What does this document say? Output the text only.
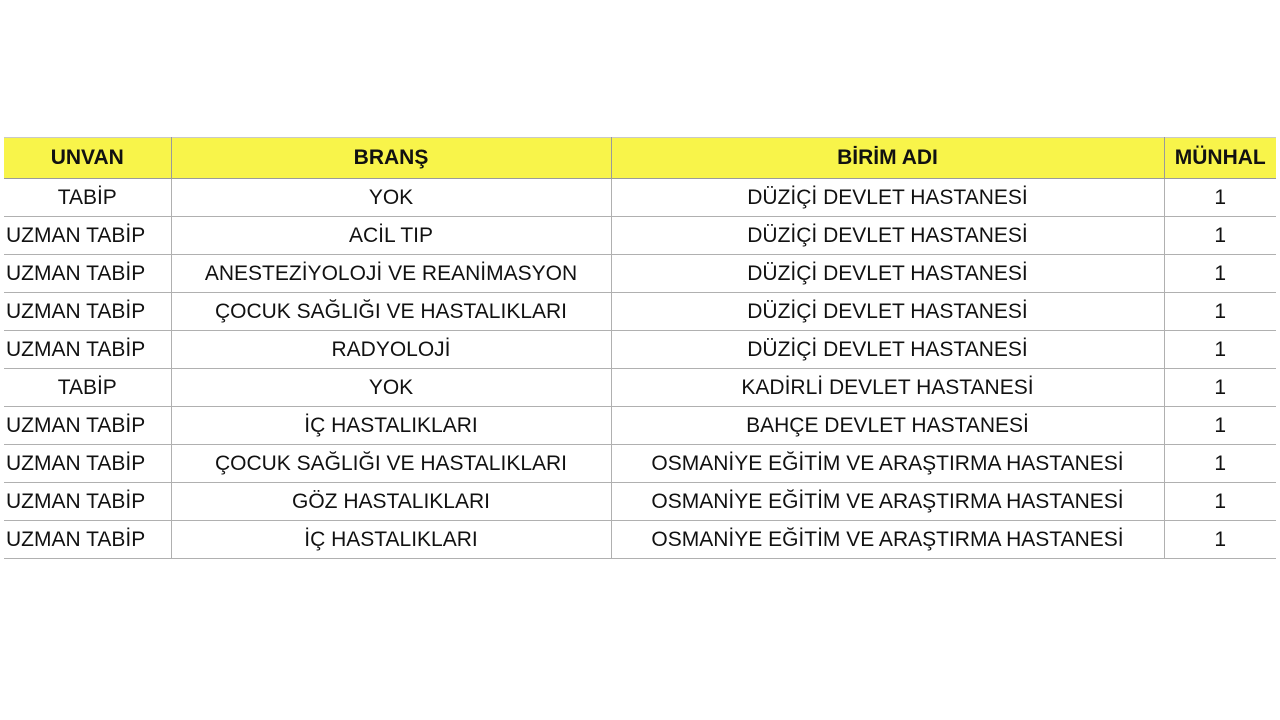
UNVAN	BRANŞ	BİRİM ADI	MÜNHAL
TABİP	YOK	DÜZİÇİ DEVLET HASTANESİ	1
UZMAN TABİP	ACİL TIP	DÜZİÇİ DEVLET HASTANESİ	1
UZMAN TABİP	ANESTEZİYOLOJİ VE REANİMASYON	DÜZİÇİ DEVLET HASTANESİ	1
UZMAN TABİP	ÇOCUK SAĞLIĞI VE HASTALIKLARI	DÜZİÇİ DEVLET HASTANESİ	1
UZMAN TABİP	RADYOLOJİ	DÜZİÇİ DEVLET HASTANESİ	1
TABİP	YOK	KADİRLİ DEVLET HASTANESİ	1
UZMAN TABİP	İÇ HASTALIKLARI	BAHÇE DEVLET HASTANESİ	1
UZMAN TABİP	ÇOCUK SAĞLIĞI VE HASTALIKLARI	OSMANİYE EĞİTİM VE ARAŞTIRMA HASTANESİ	1
UZMAN TABİP	GÖZ HASTALIKLARI	OSMANİYE EĞİTİM VE ARAŞTIRMA HASTANESİ	1
UZMAN TABİP	İÇ HASTALIKLARI	OSMANİYE EĞİTİM VE ARAŞTIRMA HASTANESİ	1
